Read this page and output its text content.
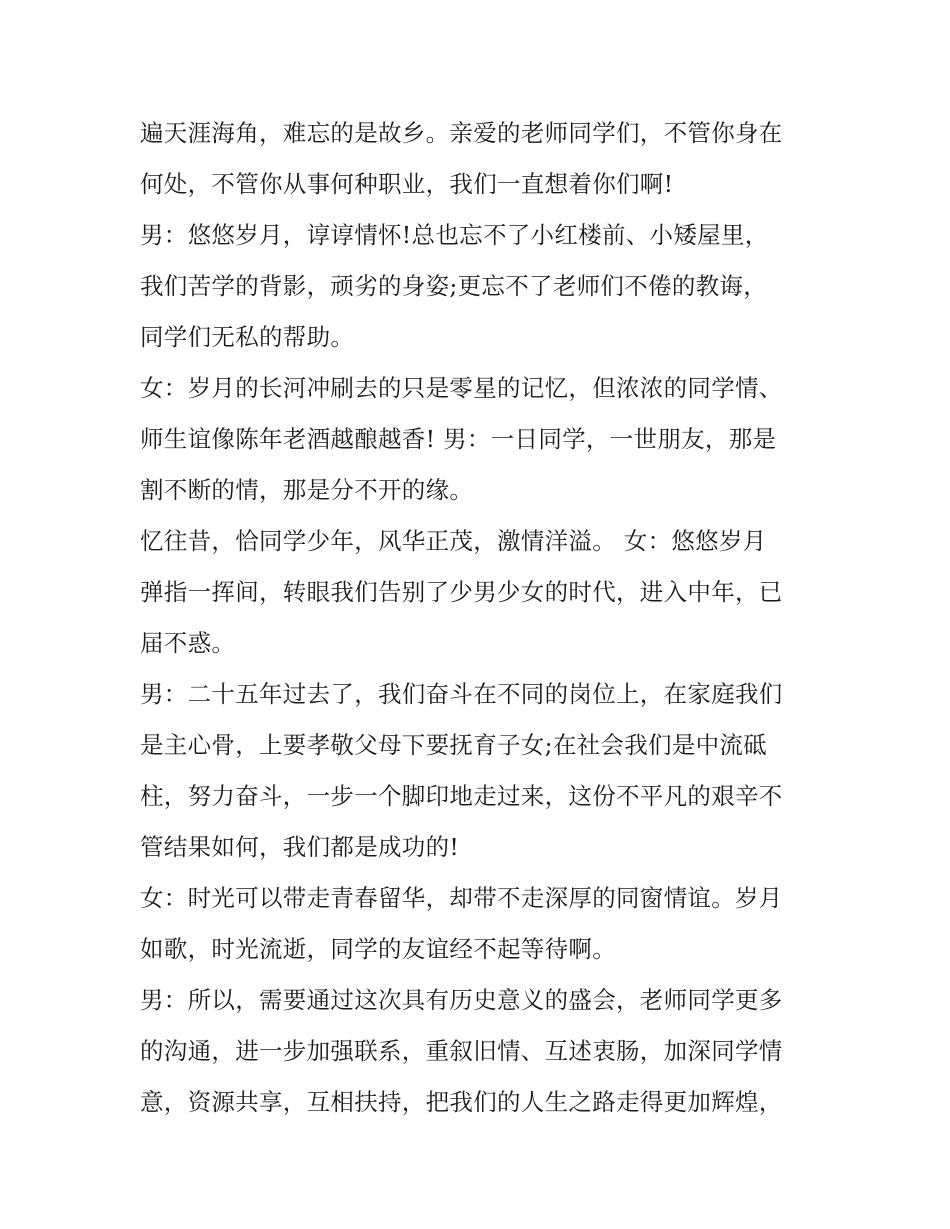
遍天涯海角，难忘的是故乡。亲爱的老师同学们，不管你身在
何处，不管你从事何种职业，我们一直想着你们啊!
男：悠悠岁月，谆谆情怀!总也忘不了小红楼前、小矮屋里，
我们苦学的背影，顽劣的身姿;更忘不了老师们不倦的教诲，
同学们无私的帮助。
女：岁月的长河冲刷去的只是零星的记忆，但浓浓的同学情、
师生谊像陈年老酒越酿越香! 男：一日同学，一世朋友，那是
割不断的情，那是分不开的缘。
忆往昔，恰同学少年，风华正茂，激情洋溢。 女：悠悠岁月
弹指一挥间，转眼我们告别了少男少女的时代，进入中年，已
届不惑。
男：二十五年过去了，我们奋斗在不同的岗位上，在家庭我们
是主心骨，上要孝敬父母下要抚育子女;在社会我们是中流砥
柱，努力奋斗，一步一个脚印地走过来，这份不平凡的艰辛不
管结果如何，我们都是成功的!
女：时光可以带走青春留华，却带不走深厚的同窗情谊。岁月
如歌，时光流逝，同学的友谊经不起等待啊。
男：所以，需要通过这次具有历史意义的盛会，老师同学更多
的沟通，进一步加强联系，重叙旧情、互述衷肠，加深同学情
意，资源共享，互相扶持，把我们的人生之路走得更加辉煌，
